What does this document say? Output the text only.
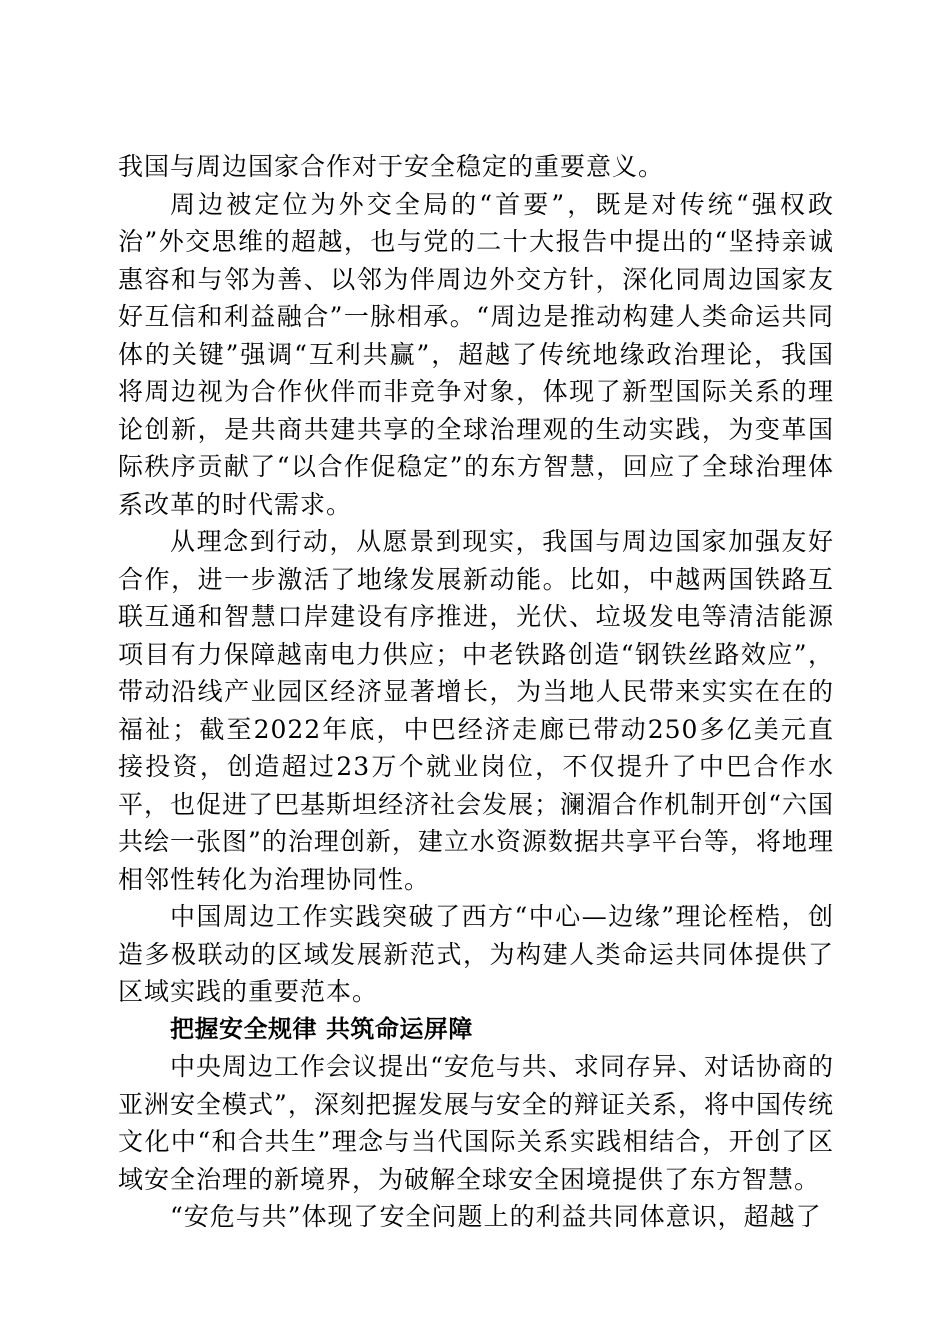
我国与周边国家合作对于安全稳定的重要意义。

周边被定位为外交全局的“首要”，既是对传统“强权政治”外交思维的超越，也与党的二十大报告中提出的“坚持亲诚惠容和与邻为善、以邻为伴周边外交方针，深化同周边国家友好互信和利益融合”一脉相承。“周边是推动构建人类命运共同体的关键”强调“互利共赢”，超越了传统地缘政治理论，我国将周边视为合作伙伴而非竞争对象，体现了新型国际关系的理论创新，是共商共建共享的全球治理观的生动实践，为变革国际秩序贡献了“以合作促稳定”的东方智慧，回应了全球治理体系改革的时代需求。

从理念到行动，从愿景到现实，我国与周边国家加强友好合作，进一步激活了地缘发展新动能。比如，中越两国铁路互联互通和智慧口岸建设有序推进，光伏、垃圾发电等清洁能源项目有力保障越南电力供应；中老铁路创造“钢铁丝路效应”，带动沿线产业园区经济显著增长，为当地人民带来实实在在的福祉；截至2022年底，中巴经济走廊已带动250多亿美元直接投资，创造超过23万个就业岗位，不仅提升了中巴合作水平，也促进了巴基斯坦经济社会发展；澜湄合作机制开创“六国共绘一张图”的治理创新，建立水资源数据共享平台等，将地理相邻性转化为治理协同性。

中国周边工作实践突破了西方“中心—边缘”理论桎梏，创造多极联动的区域发展新范式，为构建人类命运共同体提供了区域实践的重要范本。

把握安全规律 共筑命运屏障

中央周边工作会议提出“安危与共、求同存异、对话协商的亚洲安全模式”，深刻把握发展与安全的辩证关系，将中国传统文化中“和合共生”理念与当代国际关系实践相结合，开创了区域安全治理的新境界，为破解全球安全困境提供了东方智慧。

“安危与共”体现了安全问题上的利益共同体意识，超越了
